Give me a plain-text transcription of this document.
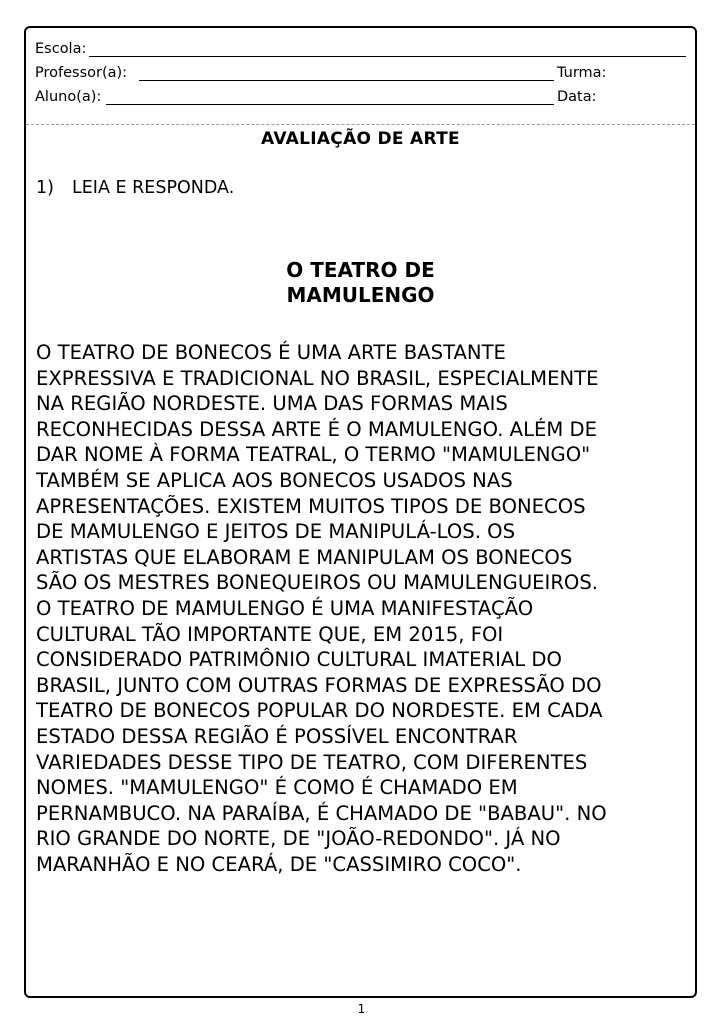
Escola:
Professor(a):	Turma:
Aluno(a):	Data:
AVALIAÇÃO DE ARTE
1) LEIA E RESPONDA.
O TEATRO DE
MAMULENGO
O TEATRO DE BONECOS É UMA ARTE BASTANTE
EXPRESSIVA E TRADICIONAL NO BRASIL, ESPECIALMENTE
NA REGIÃO NORDESTE. UMA DAS FORMAS MAIS
RECONHECIDAS DESSA ARTE É O MAMULENGO. ALÉM DE
DAR NOME À FORMA TEATRAL, O TERMO "MAMULENGO"
TAMBÉM SE APLICA AOS BONECOS USADOS NAS
APRESENTAÇÕES. EXISTEM MUITOS TIPOS DE BONECOS
DE MAMULENGO E JEITOS DE MANIPULÁ-LOS. OS
ARTISTAS QUE ELABORAM E MANIPULAM OS BONECOS
SÃO OS MESTRES BONEQUEIROS OU MAMULENGUEIROS.
O TEATRO DE MAMULENGO É UMA MANIFESTAÇÃO
CULTURAL TÃO IMPORTANTE QUE, EM 2015, FOI
CONSIDERADO PATRIMÔNIO CULTURAL IMATERIAL DO
BRASIL, JUNTO COM OUTRAS FORMAS DE EXPRESSÃO DO
TEATRO DE BONECOS POPULAR DO NORDESTE. EM CADA
ESTADO DESSA REGIÃO É POSSÍVEL ENCONTRAR
VARIEDADES DESSE TIPO DE TEATRO, COM DIFERENTES
NOMES. "MAMULENGO" É COMO É CHAMADO EM
PERNAMBUCO. NA PARAÍBA, É CHAMADO DE "BABAU". NO
RIO GRANDE DO NORTE, DE "JOÃO-REDONDO". JÁ NO
MARANHÃO E NO CEARÁ, DE "CASSIMIRO COCO".
1
